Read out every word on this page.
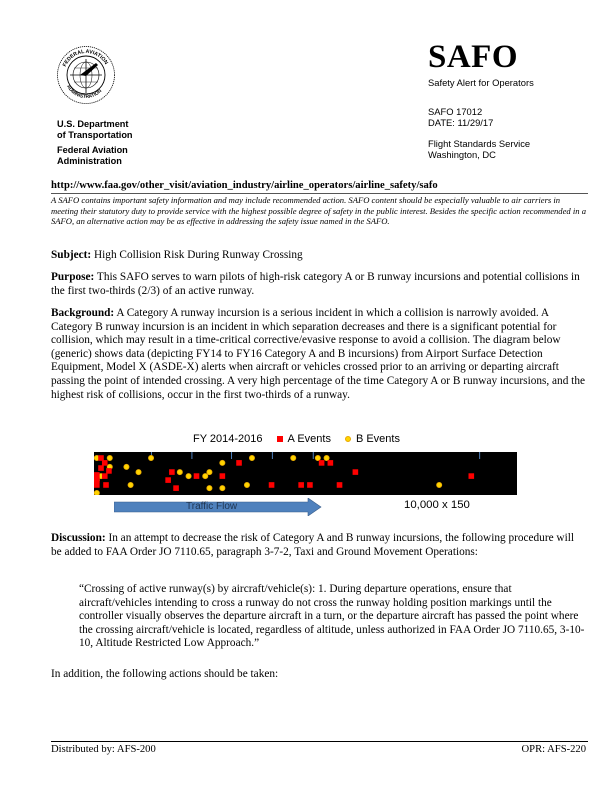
FEDERAL AVIATION
ADMINISTRATION
U.S. Department
of Transportation
Federal Aviation
Administration
SAFO
Safety Alert for Operators
SAFO 17012
DATE: 11/29/17
Flight Standards Service
Washington, DC
http://www.faa.gov/other_visit/aviation_industry/airline_operators/airline_safety/safo
A SAFO contains important safety information and may include recommended action. SAFO content should be especially valuable to air carriers in meeting their statutory duty to provide service with the highest possible degree of safety in the public interest. Besides the specific action recommended in a SAFO, an alternative action may be as effective in addressing the safety issue named in the SAFO.
Subject: High Collision Risk During Runway Crossing
Purpose: This SAFO serves to warn pilots of high-risk category A or B runway incursions and potential collisions in the first two-thirds (2/3) of an active runway.
Background: A Category A runway incursion is a serious incident in which a collision is narrowly avoided. A Category B runway incursion is an incident in which separation decreases and there is a significant potential for collision, which may result in a time-critical corrective/evasive response to avoid a collision. The diagram below (generic) shows data (depicting FY14 to FY16 Category A and B incursions) from Airport Surface Detection Equipment, Model X (ASDE-X) alerts when aircraft or vehicles crossed prior to an arriving or departing aircraft passing the point of intended crossing. A very high percentage of the time Category A or B runway incursions, and the highest risk of collisions, occur in the first two-thirds of a runway.
FY 2014-2016 A Events B Events
Traffic Flow	10,000 x 150
Discussion: In an attempt to decrease the risk of Category A and B runway incursions, the following procedure will be added to FAA Order JO 7110.65, paragraph 3-7-2, Taxi and Ground Movement Operations:
“Crossing of active runway(s) by aircraft/vehicle(s): 1. During departure operations, ensure that aircraft/vehicles intending to cross a runway do not cross the runway holding position markings until the controller visually observes the departure aircraft in a turn, or the departure aircraft has passed the point where the crossing aircraft/vehicle is located, regardless of altitude, unless authorized in FAA Order JO 7110.65, 3-10-10, Altitude Restricted Low Approach.”
In addition, the following actions should be taken:
Distributed by: AFS-200	OPR: AFS-220
